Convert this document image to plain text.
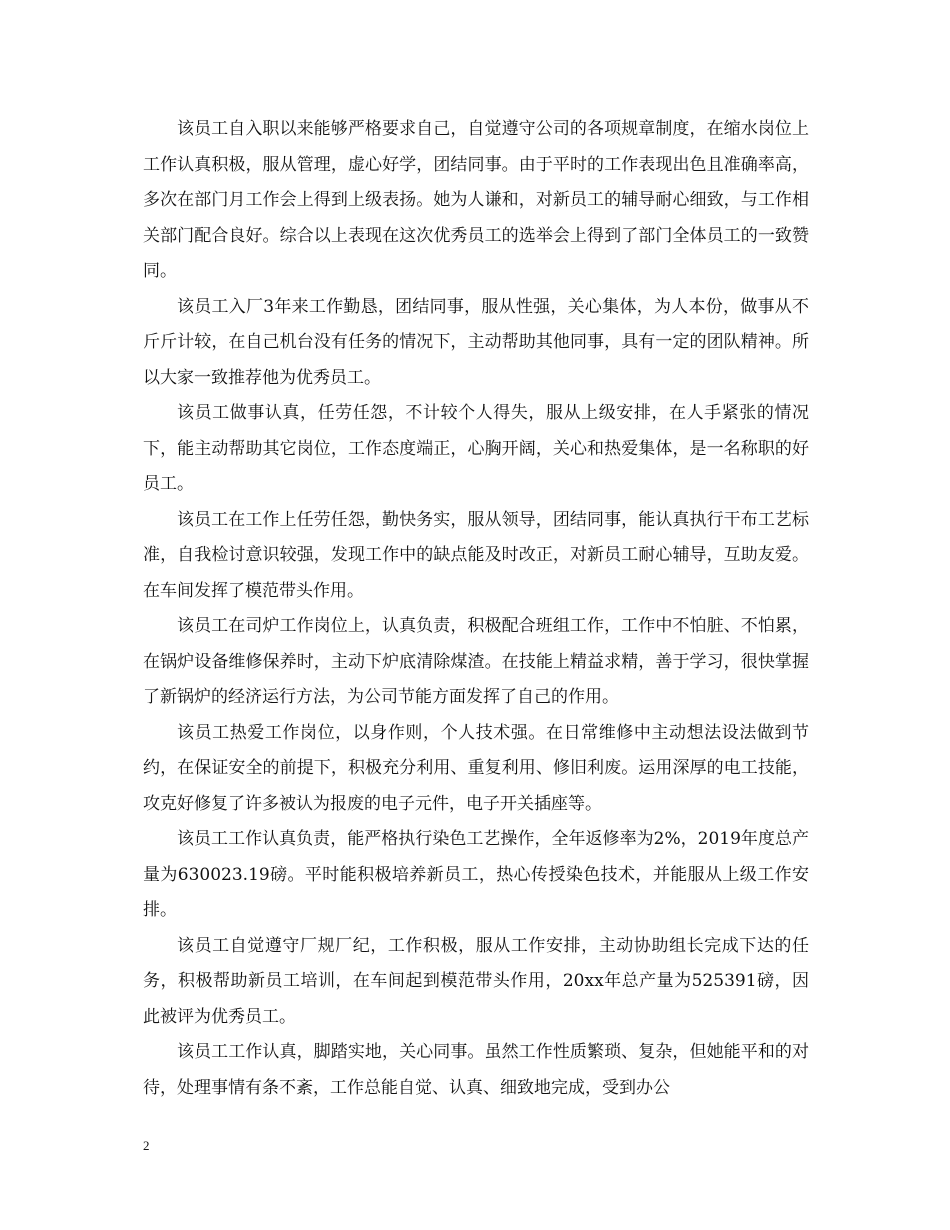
该员工自入职以来能够严格要求自己，自觉遵守公司的各项规章制度，在缩水岗位上工作认真积极，服从管理，虚心好学，团结同事。由于平时的工作表现出色且准确率高，多次在部门月工作会上得到上级表扬。她为人谦和，对新员工的辅导耐心细致，与工作相关部门配合良好。综合以上表现在这次优秀员工的选举会上得到了部门全体员工的一致赞同。

该员工入厂3年来工作勤恳，团结同事，服从性强，关心集体，为人本份，做事从不斤斤计较，在自己机台没有任务的情况下，主动帮助其他同事，具有一定的团队精神。所以大家一致推荐他为优秀员工。

该员工做事认真，任劳任怨，不计较个人得失，服从上级安排，在人手紧张的情况下，能主动帮助其它岗位，工作态度端正，心胸开阔，关心和热爱集体，是一名称职的好员工。

该员工在工作上任劳任怨，勤快务实，服从领导，团结同事，能认真执行干布工艺标准，自我检讨意识较强，发现工作中的缺点能及时改正，对新员工耐心辅导，互助友爱。在车间发挥了模范带头作用。

该员工在司炉工作岗位上，认真负责，积极配合班组工作，工作中不怕脏、不怕累，在锅炉设备维修保养时，主动下炉底清除煤渣。在技能上精益求精，善于学习，很快掌握了新锅炉的经济运行方法，为公司节能方面发挥了自己的作用。

该员工热爱工作岗位，以身作则，个人技术强。在日常维修中主动想法设法做到节约，在保证安全的前提下，积极充分利用、重复利用、修旧利废。运用深厚的电工技能，攻克好修复了许多被认为报废的电子元件，电子开关插座等。

该员工工作认真负责，能严格执行染色工艺操作，全年返修率为2%，2019年度总产量为630023.19磅。平时能积极培养新员工，热心传授染色技术，并能服从上级工作安排。

该员工自觉遵守厂规厂纪，工作积极，服从工作安排，主动协助组长完成下达的任务，积极帮助新员工培训，在车间起到模范带头作用，20xx年总产量为525391磅，因此被评为优秀员工。

该员工工作认真，脚踏实地，关心同事。虽然工作性质繁琐、复杂，但她能平和的对待，处理事情有条不紊，工作总能自觉、认真、细致地完成，受到办公

2
